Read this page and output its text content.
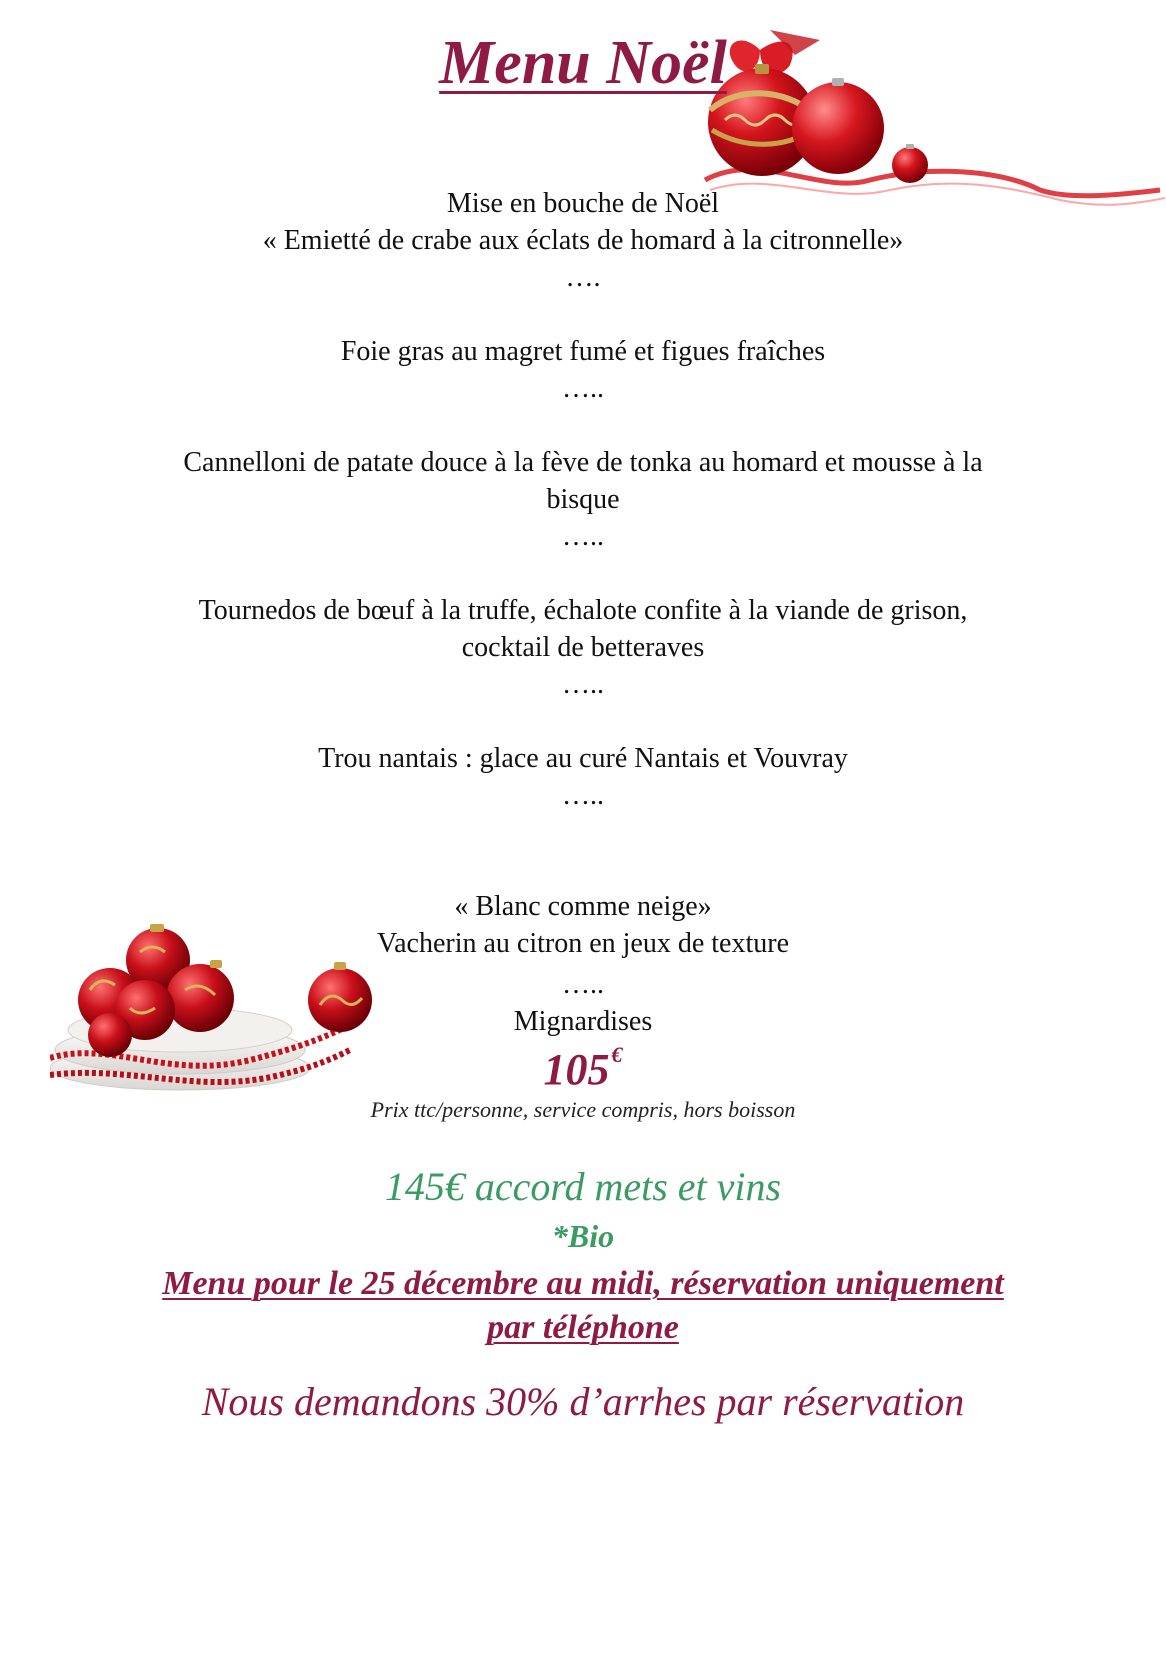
Menu Noël

Mise en bouche de Noël

« Emietté de crabe aux éclats de homard à la citronnelle»

….

Foie gras au magret fumé et figues fraîches

…..

Cannelloni de patate douce à la fève de tonka au homard et mousse à la

bisque

…..

Tournedos de bœuf à la truffe, échalote confite à la viande de grison,

cocktail de betteraves

…..

Trou nantais : glace au curé Nantais et Vouvray

…..

« Blanc comme neige»

Vacherin au citron en jeux de texture

…..

Mignardises

105€
Prix ttc/personne, service compris, hors boisson
145€ accord mets et vins
*Bio
Menu pour le 25 décembre au midi, réservation uniquement
par téléphone
Nous demandons 30% d’arrhes par réservation
